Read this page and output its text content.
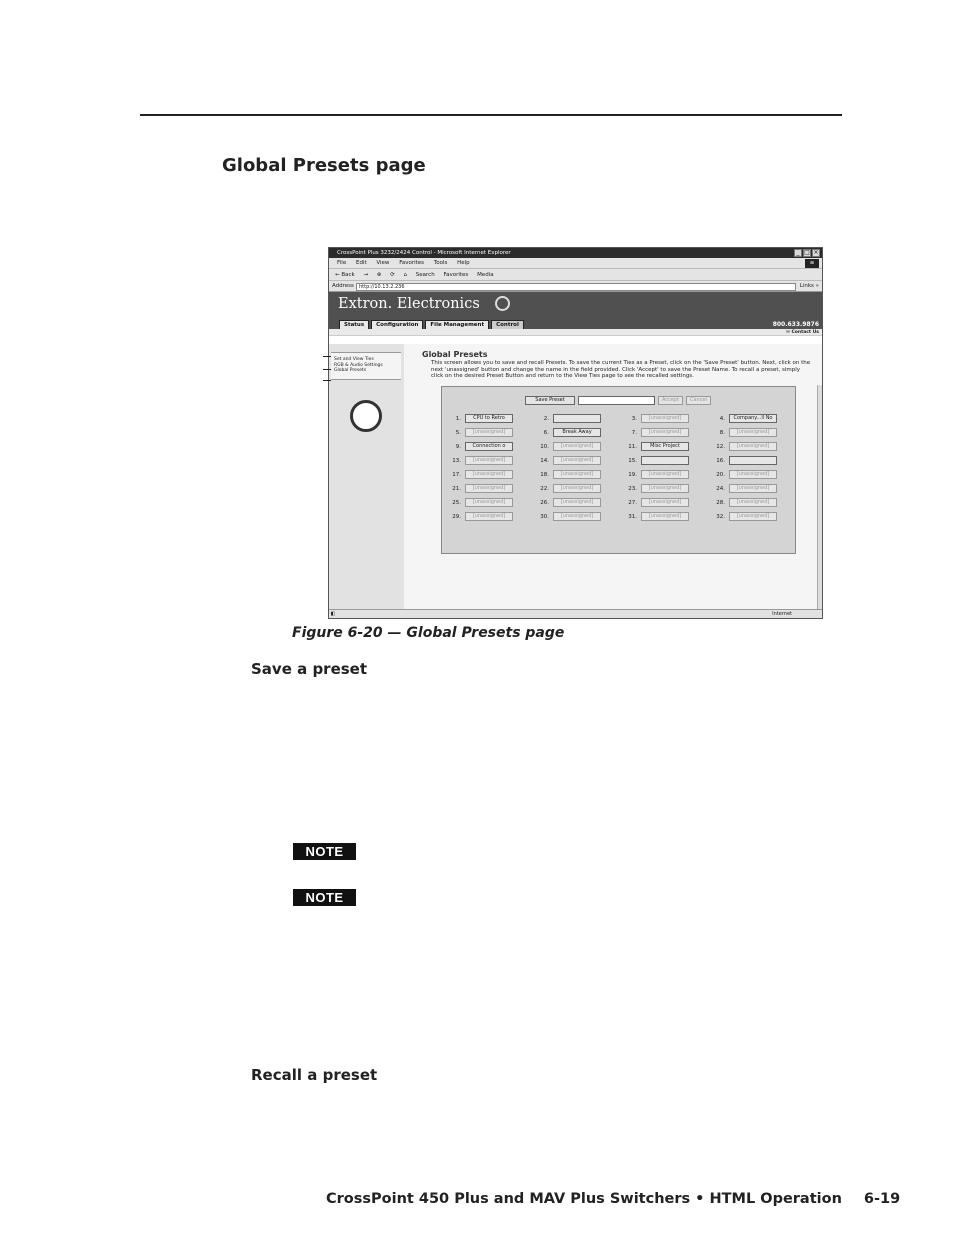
Global Presets page
CrossPoint Plus 3232/2424 Control - Microsoft Internet Explorer	_ □ ×
File Edit View Favorites Tools Help	⊞
← Back → ⊗ ⟳ ⌂ Search Favorites Media
Address	http://10.13.2.236	Links »
Extron. Electronics
Status	Configuration	File Management	Control	800.633.9876
✉ Contact Us
Set and View Ties
RGB & Audio Settings
Global Presets
Global Presets
This screen allows you to save and recall Presets. To save the current Ties as a Preset, click on the 'Save Preset' button. Next, click on the next 'unassigned' button and change the name in the field provided. Click 'Accept' to save the Preset Name. To recall a preset, simply click on the desired Preset Button and return to the View Ties page to see the recalled settings.
Save Preset	Accept	Cancel
1.	CPU to Retro	2.	3.	[unassigned]	4.	Company...ll No
5.	[unassigned]	6.	Break Away	7.	[unassigned]	8.	[unassigned]
9.	Connection o	10.	[unassigned]	11.	Misc Project	12.	[unassigned]
13.	[unassigned]	14.	[unassigned]	15.	16.
17.	[unassigned]	18.	[unassigned]	19.	[unassigned]	20.	[unassigned]
21.	[unassigned]	22.	[unassigned]	23.	[unassigned]	24.	[unassigned]
25.	[unassigned]	26.	[unassigned]	27.	[unassigned]	28.	[unassigned]
29.	[unassigned]	30.	[unassigned]	31.	[unassigned]	32.	[unassigned]
◧	Internet
Figure 6-20 — Global Presets page
Save a preset
NOTE
NOTE
Recall a preset
CrossPoint 450 Plus and MAV Plus Switchers • HTML Operation 6-19
